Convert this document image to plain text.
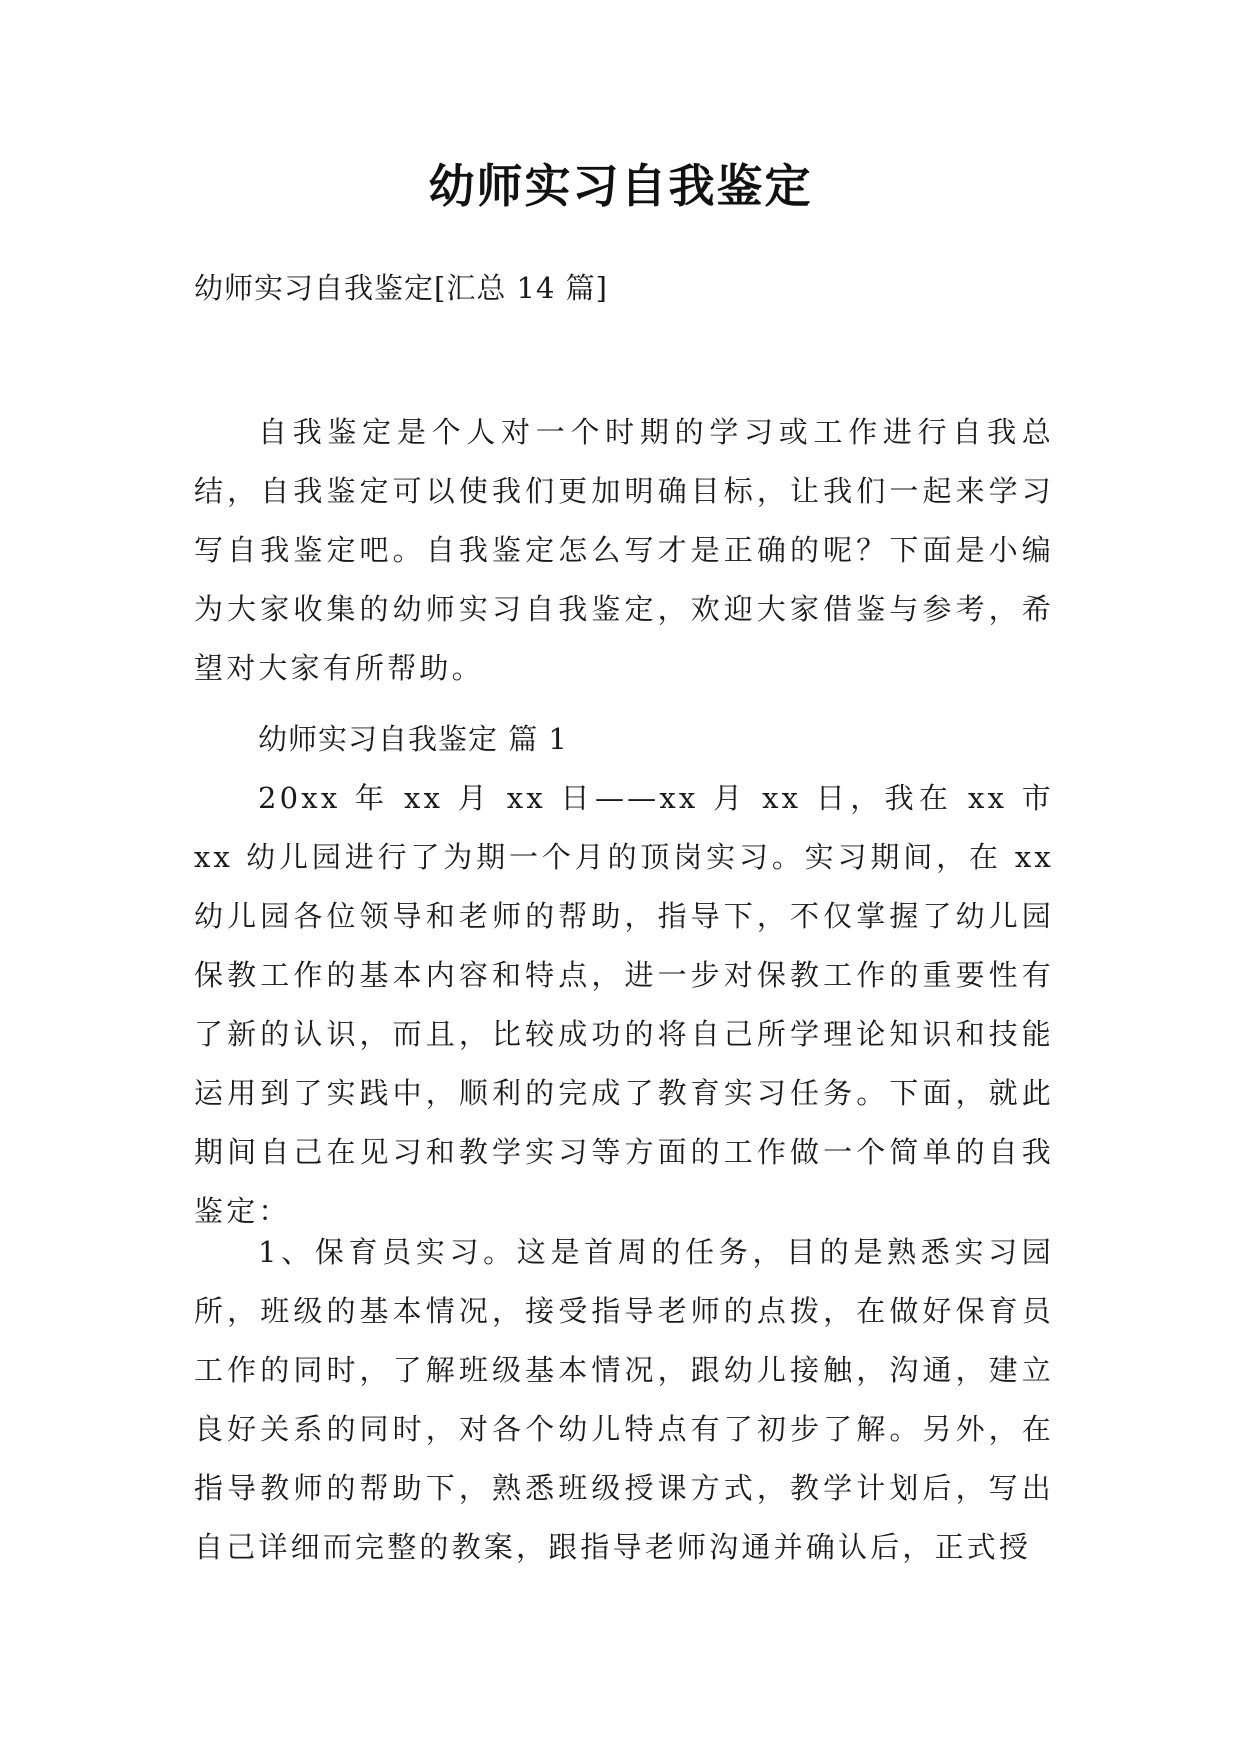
幼师实习自我鉴定

幼师实习自我鉴定[汇总 14 篇]

自我鉴定是个人对一个时期的学习或工作进行自我总结，自我鉴定可以使我们更加明确目标，让我们一起来学习写自我鉴定吧。自我鉴定怎么写才是正确的呢？下面是小编为大家收集的幼师实习自我鉴定，欢迎大家借鉴与参考，希望对大家有所帮助。

幼师实习自我鉴定 篇 1

20xx 年 xx 月 xx 日——xx 月 xx 日，我在 xx 市 xx 幼儿园进行了为期一个月的顶岗实习。实习期间，在 xx 幼儿园各位领导和老师的帮助，指导下，不仅掌握了幼儿园保教工作的基本内容和特点，进一步对保教工作的重要性有了新的认识，而且，比较成功的将自己所学理论知识和技能运用到了实践中，顺利的完成了教育实习任务。下面，就此期间自己在见习和教学实习等方面的工作做一个简单的自我鉴定：

1、保育员实习。这是首周的任务，目的是熟悉实习园所，班级的基本情况，接受指导老师的点拨，在做好保育员工作的同时，了解班级基本情况，跟幼儿接触，沟通，建立良好关系的同时，对各个幼儿特点有了初步了解。另外，在指导教师的帮助下，熟悉班级授课方式，教学计划后，写出自己详细而完整的教案，跟指导老师沟通并确认后，正式授
